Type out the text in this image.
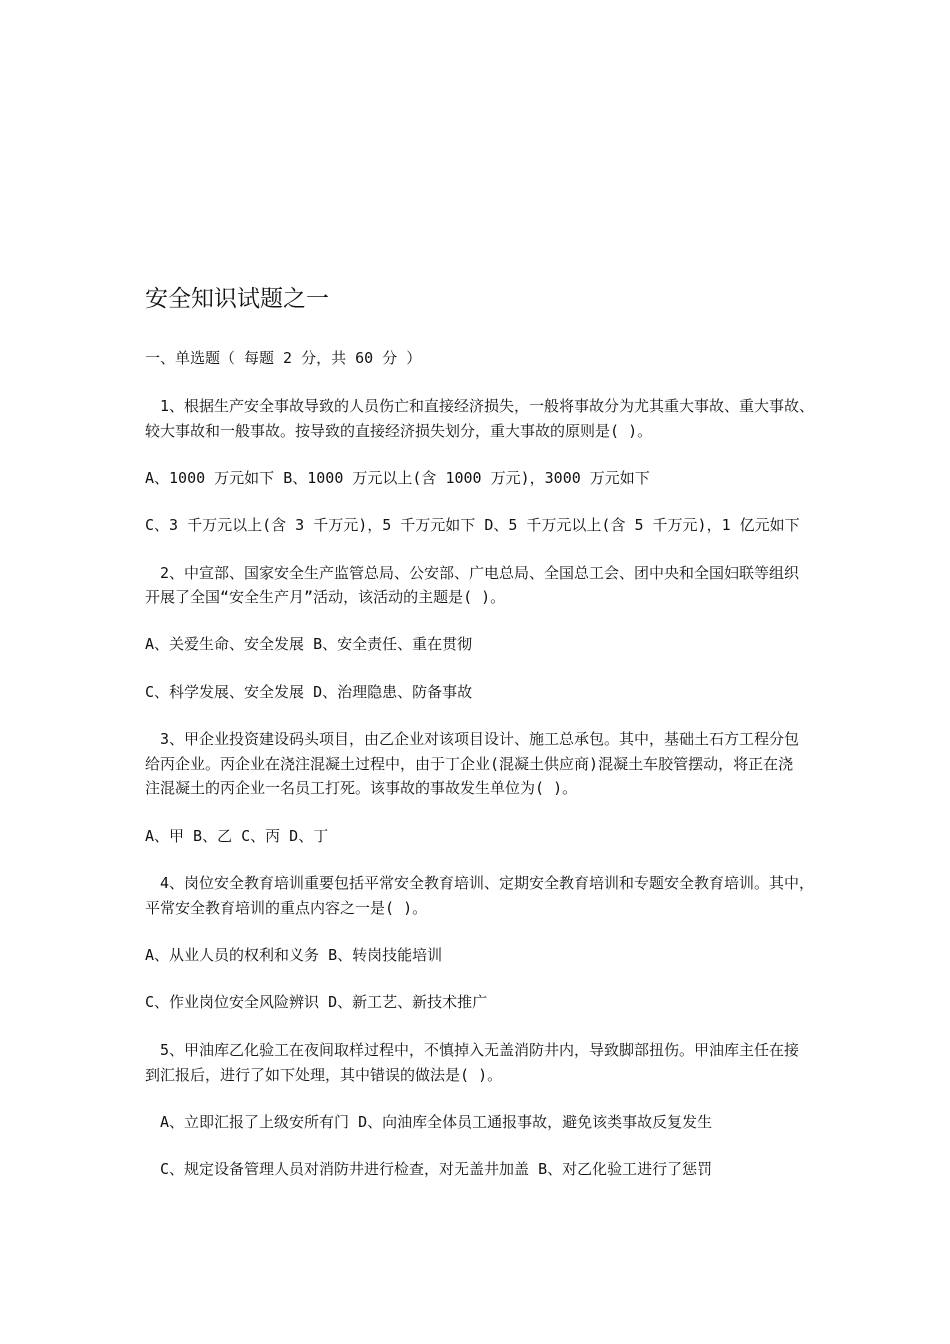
安全知识试题之一
一、单选题（ 每题 2 分，共 60 分 ）
1、根据生产安全事故导致的人员伤亡和直接经济损失，一般将事故分为尤其重大事故、重大事故、
较大事故和一般事故。按导致的直接经济损失划分，重大事故的原则是( )。
A、1000 万元如下 B、1000 万元以上(含 1000 万元)，3000 万元如下
C、3 千万元以上(含 3 千万元)，5 千万元如下 D、5 千万元以上(含 5 千万元)，1 亿元如下
2、中宣部、国家安全生产监管总局、公安部、广电总局、全国总工会、团中央和全国妇联等组织
开展了全国“安全生产月”活动，该活动的主题是( )。
A、关爱生命、安全发展 B、安全责任、重在贯彻
C、科学发展、安全发展 D、治理隐患、防备事故
3、甲企业投资建设码头项目，由乙企业对该项目设计、施工总承包。其中，基础土石方工程分包
给丙企业。丙企业在浇注混凝土过程中，由于丁企业(混凝土供应商)混凝土车胶管摆动，将正在浇
注混凝土的丙企业一名员工打死。该事故的事故发生单位为( )。
A、甲 B、乙 C、丙 D、丁
4、岗位安全教育培训重要包括平常安全教育培训、定期安全教育培训和专题安全教育培训。其中，
平常安全教育培训的重点内容之一是( )。
A、从业人员的权利和义务 B、转岗技能培训
C、作业岗位安全风险辨识 D、新工艺、新技术推广
5、甲油库乙化验工在夜间取样过程中，不慎掉入无盖消防井内，导致脚部扭伤。甲油库主任在接
到汇报后，进行了如下处理，其中错误的做法是( )。
A、立即汇报了上级安所有门 D、向油库全体员工通报事故，避免该类事故反复发生
C、规定设备管理人员对消防井进行检查，对无盖井加盖 B、对乙化验工进行了惩罚
